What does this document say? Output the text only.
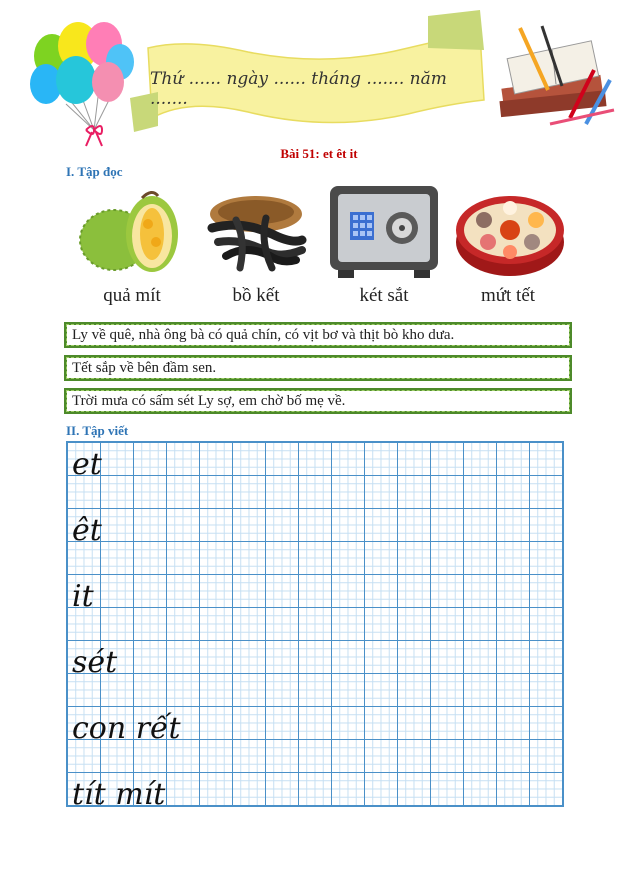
Thứ ...... ngày ...... tháng ....... năm .......
Bài 51: et êt it
I. Tập đọc
quả mít	bồ kết	két sắt	mứt tết
Ly về quê, nhà ông bà có quả chín, có vịt bơ và thịt bò kho dưa.
Tết sắp về bên đầm sen.
Trời mưa có sấm sét Ly sợ, em chờ bố mẹ về.
II. Tập viết
et
êt
it
sét
con rết
tít mít
